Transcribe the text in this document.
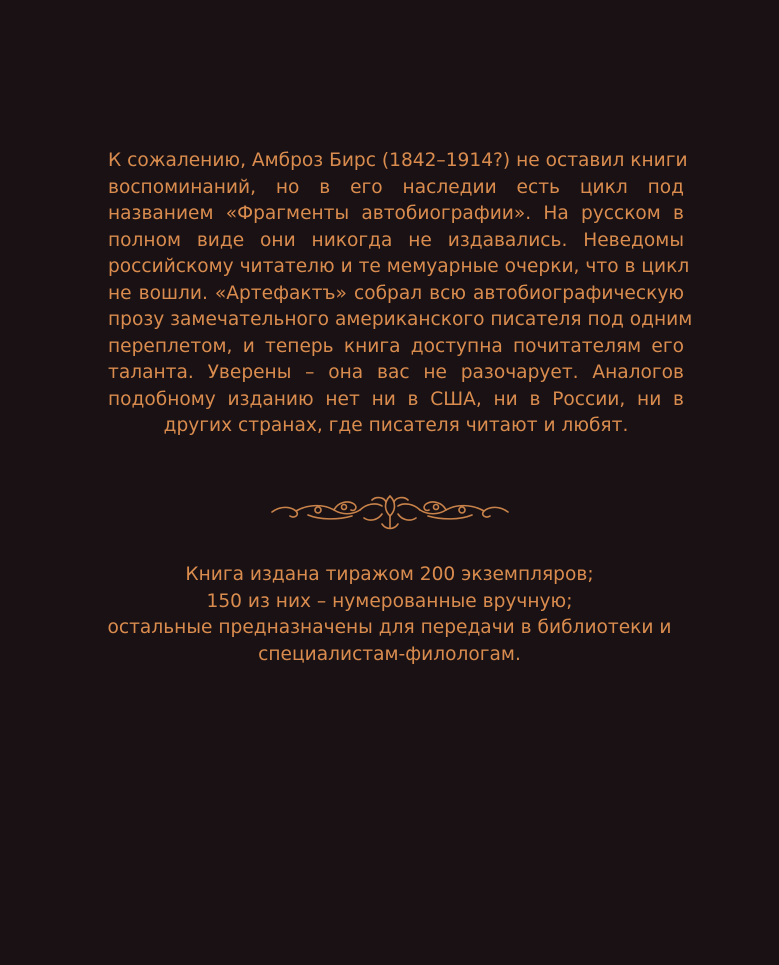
К сожалению, Амброз Бирс (1842–1914?) не оставил книги
воспоминаний, но в его наследии есть цикл под
названием «Фрагменты автобиографии». На русском в
полном виде они никогда не издавались. Неведомы
российскому читателю и те мемуарные очерки, что в цикл
не вошли. «Артефактъ» собрал всю автобиографическую
прозу замечательного американского писателя под одним
переплетом, и теперь книга доступна почитателям его
таланта. Уверены – она вас не разочарует. Аналогов
подобному изданию нет ни в США, ни в России, ни в
других странах, где писателя читают и любят.
Книга издана тиражом 200 экземпляров;
150 из них – нумерованные вручную;
остальные предназначены для передачи в библиотеки и
специалистам-филологам.
